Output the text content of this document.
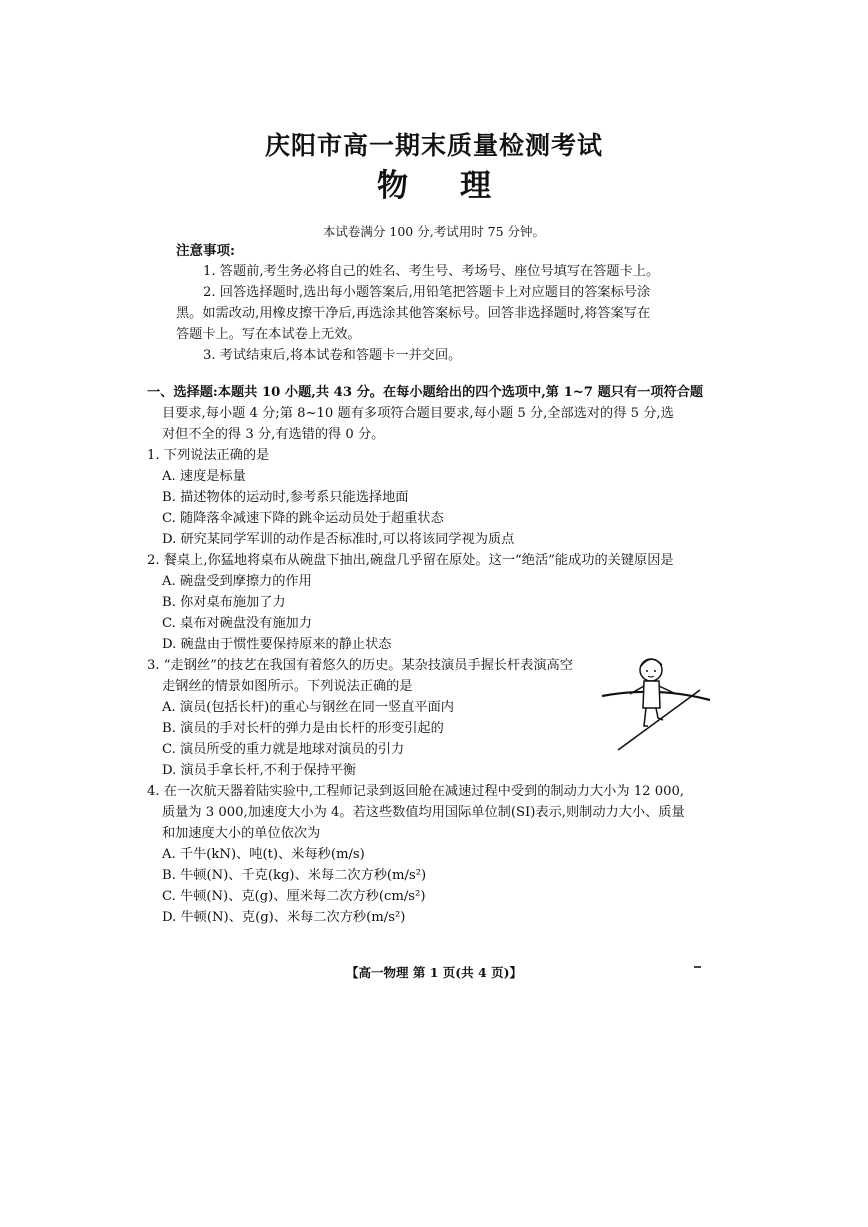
庆阳市高一期末质量检测考试
物理
本试卷满分 100 分,考试用时 75 分钟。
注意事项:
1. 答题前,考生务必将自己的姓名、考生号、考场号、座位号填写在答题卡上。
2. 回答选择题时,选出每小题答案后,用铅笔把答题卡上对应题目的答案标号涂
黑。如需改动,用橡皮擦干净后,再选涂其他答案标号。回答非选择题时,将答案写在
答题卡上。写在本试卷上无效。
3. 考试结束后,将本试卷和答题卡一并交回。
一、选择题:本题共 10 小题,共 43 分。在每小题给出的四个选项中,第 1~7 题只有一项符合题
目要求,每小题 4 分;第 8~10 题有多项符合题目要求,每小题 5 分,全部选对的得 5 分,选
对但不全的得 3 分,有选错的得 0 分。
1. 下列说法正确的是
A. 速度是标量
B. 描述物体的运动时,参考系只能选择地面
C. 随降落伞减速下降的跳伞运动员处于超重状态
D. 研究某同学军训的动作是否标准时,可以将该同学视为质点
2. 餐桌上,你猛地将桌布从碗盘下抽出,碗盘几乎留在原处。这一“绝活”能成功的关键原因是
A. 碗盘受到摩擦力的作用
B. 你对桌布施加了力
C. 桌布对碗盘没有施加力
D. 碗盘由于惯性要保持原来的静止状态
3. “走钢丝”的技艺在我国有着悠久的历史。某杂技演员手握长杆表演高空
走钢丝的情景如图所示。下列说法正确的是
A. 演员(包括长杆)的重心与钢丝在同一竖直平面内
B. 演员的手对长杆的弹力是由长杆的形变引起的
C. 演员所受的重力就是地球对演员的引力
D. 演员手拿长杆,不利于保持平衡
4. 在一次航天器着陆实验中,工程师记录到返回舱在减速过程中受到的制动力大小为 12 000,
质量为 3 000,加速度大小为 4。若这些数值均用国际单位制(SI)表示,则制动力大小、质量
和加速度大小的单位依次为
A. 千牛(kN)、吨(t)、米每秒(m/s)
B. 牛顿(N)、千克(kg)、米每二次方秒(m/s²)
C. 牛顿(N)、克(g)、厘米每二次方秒(cm/s²)
D. 牛顿(N)、克(g)、米每二次方秒(m/s²)
【高一物理 第 1 页(共 4 页)】
